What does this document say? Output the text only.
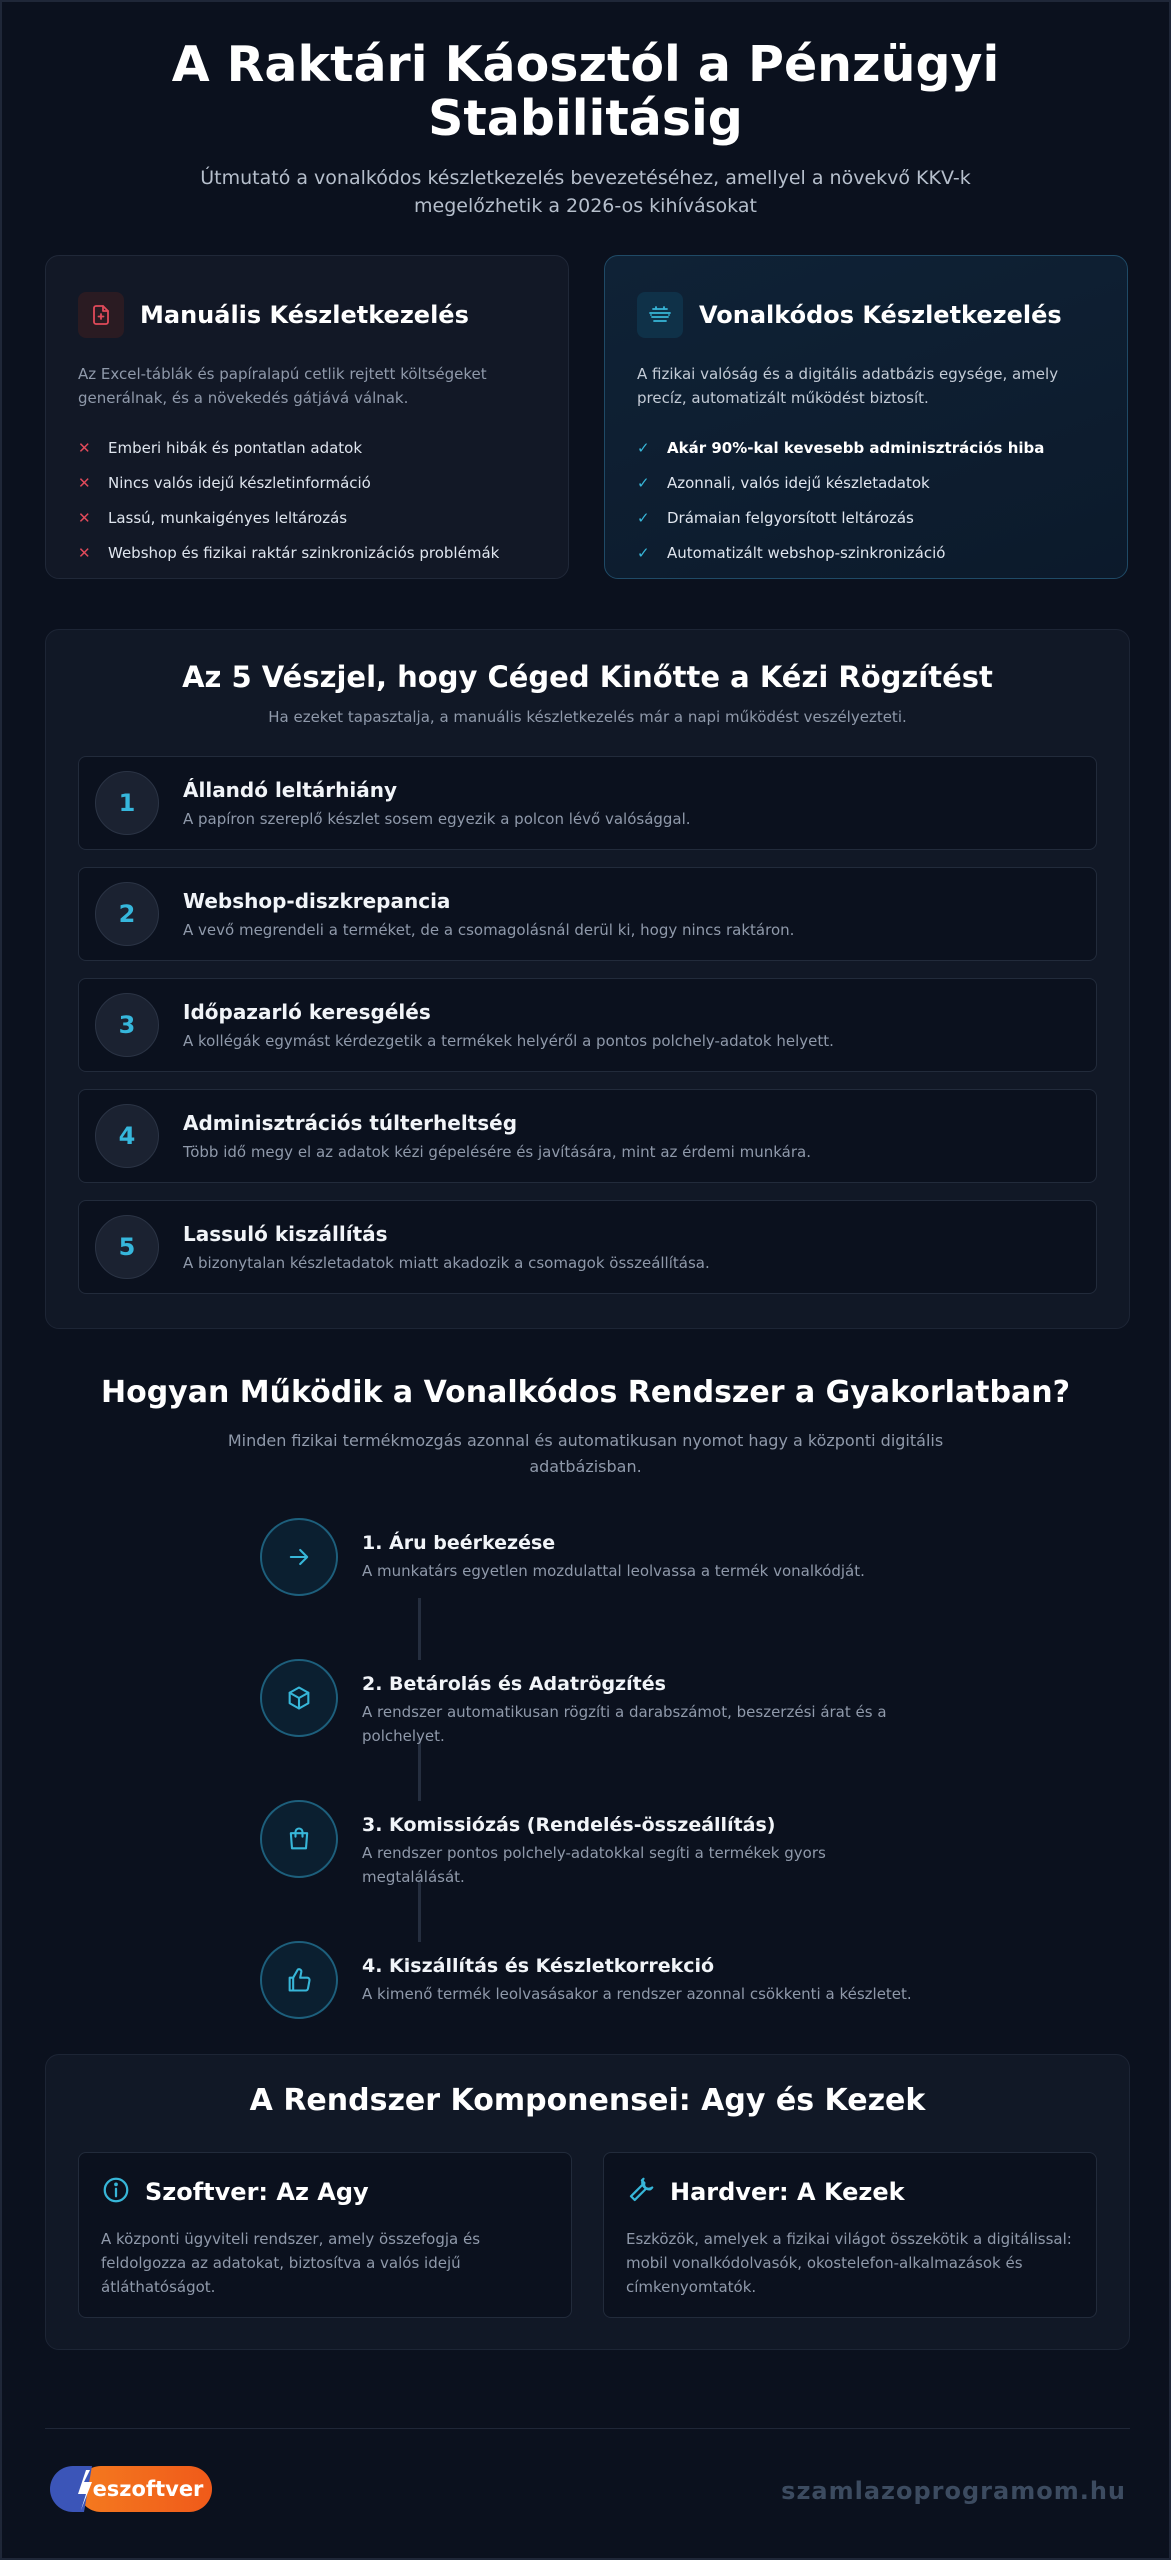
A Raktári Káosztól a Pénzügyi Stabilitásig
Útmutató a vonalkódos készletkezelés bevezetéséhez, amellyel a növekvő KKV-k megelőzhetik a 2026-os kihívásokat
Manuális Készletkezelés
Az Excel-táblák és papíralapú cetlik rejtett költségeket generálnak, és a növekedés gátjává válnak.
✕ Emberi hibák és pontatlan adatok
✕ Nincs valós idejű készletinformáció
✕ Lassú, munkaigényes leltározás
✕ Webshop és fizikai raktár szinkronizációs problémák
Vonalkódos Készletkezelés
A fizikai valóság és a digitális adatbázis egysége, amely precíz, automatizált működést biztosít.
✓ Akár 90%-kal kevesebb adminisztrációs hiba
✓ Azonnali, valós idejű készletadatok
✓ Drámaian felgyorsított leltározás
✓ Automatizált webshop-szinkronizáció
Az 5 Vészjel, hogy Céged Kinőtte a Kézi Rögzítést
Ha ezeket tapasztalja, a manuális készletkezelés már a napi működést veszélyezteti.
1	Állandó leltárhiány
A papíron szereplő készlet sosem egyezik a polcon lévő valósággal.
2	Webshop-diszkrepancia
A vevő megrendeli a terméket, de a csomagolásnál derül ki, hogy nincs raktáron.
3	Időpazarló keresgélés
A kollégák egymást kérdezgetik a termékek helyéről a pontos polchely-adatok helyett.
4	Adminisztrációs túlterheltség
Több idő megy el az adatok kézi gépelésére és javítására, mint az érdemi munkára.
5	Lassuló kiszállítás
A bizonytalan készletadatok miatt akadozik a csomagok összeállítása.
Hogyan Működik a Vonalkódos Rendszer a Gyakorlatban?
Minden fizikai termékmozgás azonnal és automatikusan nyomot hagy a központi digitális adatbázisban.
1. Áru beérkezése
A munkatárs egyetlen mozdulattal leolvassa a termék vonalkódját.
2. Betárolás és Adatrögzítés
A rendszer automatikusan rögzíti a darabszámot, beszerzési árat és a polchelyet.
3. Komissiózás (Rendelés-összeállítás)
A rendszer pontos polchely-adatokkal segíti a termékek gyors megtalálását.
4. Kiszállítás és Készletkorrekció
A kimenő termék leolvasásakor a rendszer azonnal csökkenti a készletet.
A Rendszer Komponensei: Agy és Kezek
Szoftver: Az Agy
A központi ügyviteli rendszer, amely összefogja és feldolgozza az adatokat, biztosítva a valós idejű átláthatóságot.
Hardver: A Kezek
Eszközök, amelyek a fizikai világot összekötik a digitálissal: mobil vonalkódolvasók, okostelefon-alkalmazások és címkenyomtatók.
eszoftver	szamlazoprogramom.hu
